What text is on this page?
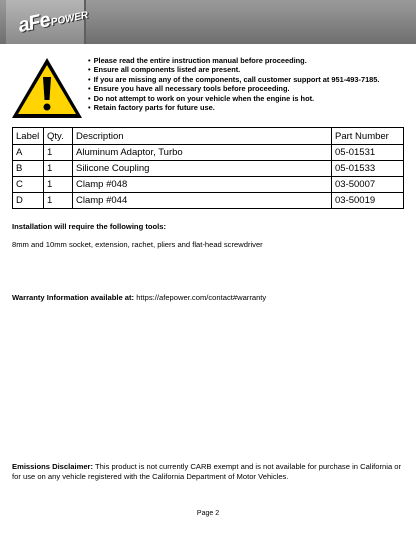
aFePOWER
• Please read the entire instruction manual before proceeding.
• Ensure all components listed are present.
• If you are missing any of the components, call customer support at 951-493-7185.
• Ensure you have all necessary tools before proceeding.
• Do not attempt to work on your vehicle when the engine is hot.
• Retain factory parts for future use.
Label	Qty.	Description	Part Number
A	1	Aluminum Adaptor, Turbo	05-01531
B	1	Silicone Coupling	05-01533
C	1	Clamp #048	03-50007
D	1	Clamp #044	03-50019
Installation will require the following tools:
8mm and 10mm socket, extension, rachet, pliers and flat-head screwdriver
Warranty Information available at: https://afepower.com/contact#warranty
Emissions Disclaimer: This product is not currently CARB exempt and is not available for purchase in California or for use on any vehicle registered with the California Department of Motor Vehicles.
Page 2
